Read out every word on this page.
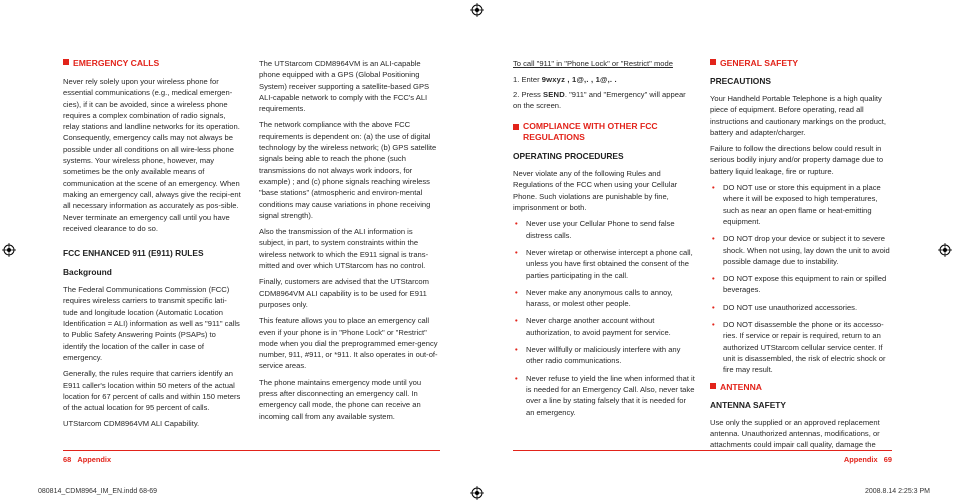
EMERGENCY CALLS

Never rely solely upon your wireless phone for essential communications (e.g., medical emergen-cies), if it can be avoided, since a wireless phone requires a complex combination of radio signals, relay stations and landline networks for its operation. Consequently, emergency calls may not always be possible under all conditions on all wire-less phone systems. Your wireless phone, however, may sometimes be the only available means of communication at the scene of an emergency. When making an emergency call, always give the recipi-ent all necessary information as accurately as pos-sible. Never terminate an emergency call until you have received clearance to do so.

FCC ENHANCED 911 (E911) RULES
Background

The Federal Communications Commission (FCC) requires wireless carriers to transmit specific lati-tude and longitude location (Automatic Location Identification = ALI) information as well as "911" calls to Public Safety Answering Points (PSAPs) to identify the location of the caller in case of emergency.

Generally, the rules require that carriers identify an E911 caller's location within 50 meters of the actual location for 67 percent of calls and within 150 meters of the actual location for 95 percent of calls.

UTStarcom CDM8964VM ALI Capability.

The UTStarcom CDM8964VM is an ALI-capable phone equipped with a GPS (Global Positioning System) receiver supporting a satellite-based GPS ALI-capable network to comply with the FCC's ALI requirements.

The network compliance with the above FCC requirements is dependent on: (a) the use of digital technology by the wireless network; (b) GPS satellite signals being able to reach the phone (such transmissions do not always work indoors, for example) ; and (c) phone signals reaching wireless "base stations" (atmospheric and environ-mental conditions may cause variations in phone receiving signal strength).

Also the transmission of the ALI information is subject, in part, to system constraints within the wireless network to which the E911 signal is trans-mitted and over which UTStarcom has no control.

Finally, customers are advised that the UTStarcom CDM8964VM ALI capability is to be used for E911 purposes only.

This feature allows you to place an emergency call even if your phone is in "Phone Lock" or "Restrict" mode when you dial the preprogrammed emer-gency number, 911, #911, or *911. It also operates in out-of-service areas.

The phone maintains emergency mode until you press after disconnecting an emergency call. In emergency call mode, the phone can receive an incoming call from any available system.

To call "911" in "Phone Lock" or "Restrict" mode

1. Enter 9wxyz , 1@,. , 1@,. .

2. Press SEND. "911" and "Emergency" will appear on the screen.

COMPLIANCE WITH OTHER FCC REGULATIONS
OPERATING PROCEDURES

Never violate any of the following Rules and Regulations of the FCC when using your Cellular Phone. Such violations are punishable by fine, imprisonment or both.

• Never use your Cellular Phone to send false distress calls.
• Never wiretap or otherwise intercept a phone call, unless you have first obtained the consent of the parties participating in the call.
• Never make any anonymous calls to annoy, harass, or molest other people.
• Never charge another account without authorization, to avoid payment for service.
• Never willfully or maliciously interfere with any other radio communications.
• Never refuse to yield the line when informed that it is needed for an Emergency Call. Also, never take over a line by stating falsely that it is needed for an emergency.
GENERAL SAFETY
PRECAUTIONS

Your Handheld Portable Telephone is a high quality piece of equipment. Before operating, read all instructions and cautionary markings on the product, battery and adapter/charger.

Failure to follow the directions below could result in serious bodily injury and/or property damage due to battery liquid leakage, fire or rupture.

• DO NOT use or store this equipment in a place where it will be exposed to high temperatures, such as near an open flame or heat-emitting equipment.
• DO NOT drop your device or subject it to severe shock. When not using, lay down the unit to avoid possible damage due to instability.
• DO NOT expose this equipment to rain or spilled beverages.
• DO NOT use unauthorized accessories.
• DO NOT disassemble the phone or its accesso-ries. If service or repair is required, return to an authorized UTStarcom cellular service center. If unit is disassembled, the risk of electric shock or fire may result.
ANTENNA
ANTENNA SAFETY

Use only the supplied or an approved replacement antenna. Unauthorized antennas, modifications, or attachments could impair call quality, damage the

68 Appendix	Appendix 69
080814_CDM8964_IM_EN.indd 68-69	2008.8.14 2:25:3 PM
